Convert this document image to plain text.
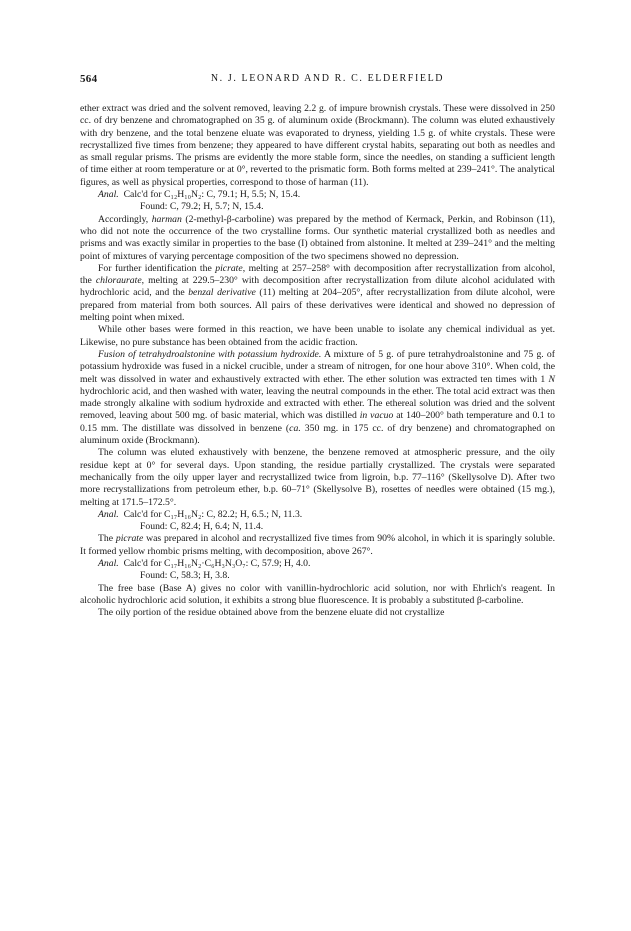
564	N. J. LEONARD AND R. C. ELDERFIELD

ether extract was dried and the solvent removed, leaving 2.2 g. of impure brownish crystals. These were dissolved in 250 cc. of dry benzene and chromatographed on 35 g. of aluminum oxide (Brockmann). The column was eluted exhaustively with dry benzene, and the total benzene eluate was evaporated to dryness, yielding 1.5 g. of white crystals. These were recrystallized five times from benzene; they appeared to have different crystal habits, separating out both as needles and as small regular prisms. The prisms are evidently the more stable form, since the needles, on standing a sufficient length of time either at room temperature or at 0°, reverted to the prismatic form. Both forms melted at 239–241°. The analytical figures, as well as physical properties, correspond to those of harman (11).

Anal. Calc'd for C₁₂H₁₀N₂: C, 79.1; H, 5.5; N, 15.4.

Found: C, 79.2; H, 5.7; N, 15.4.

Accordingly, harman (2-methyl-β-carboline) was prepared by the method of Kermack, Perkin, and Robinson (11), who did not note the occurrence of the two crystalline forms. Our synthetic material crystallized both as needles and prisms and was exactly similar in properties to the base (I) obtained from alstonine. It melted at 239–241° and the melting point of mixtures of varying percentage composition of the two specimens showed no depression.

For further identification the picrate, melting at 257–258° with decomposition after recrystallization from alcohol, the chloraurate, melting at 229.5–230° with decomposition after recrystallization from dilute alcohol acidulated with hydrochloric acid, and the benzal derivative (11) melting at 204–205°, after recrystallization from dilute alcohol, were prepared from material from both sources. All pairs of these derivatives were identical and showed no depression of melting point when mixed.

While other bases were formed in this reaction, we have been unable to isolate any chemical individual as yet. Likewise, no pure substance has been obtained from the acidic fraction.

Fusion of tetrahydroalstonine with potassium hydroxide. A mixture of 5 g. of pure tetrahydroalstonine and 75 g. of potassium hydroxide was fused in a nickel crucible, under a stream of nitrogen, for one hour above 310°. When cold, the melt was dissolved in water and exhaustively extracted with ether. The ether solution was extracted ten times with 1 N hydrochloric acid, and then washed with water, leaving the neutral compounds in the ether. The total acid extract was then made strongly alkaline with sodium hydroxide and extracted with ether. The ethereal solution was dried and the solvent removed, leaving about 500 mg. of basic material, which was distilled in vacuo at 140–200° bath temperature and 0.1 to 0.15 mm. The distillate was dissolved in benzene (ca. 350 mg. in 175 cc. of dry benzene) and chromatographed on aluminum oxide (Brockmann).

The column was eluted exhaustively with benzene, the benzene removed at atmospheric pressure, and the oily residue kept at 0° for several days. Upon standing, the residue partially crystallized. The crystals were separated mechanically from the oily upper layer and recrystallized twice from ligroin, b.p. 77–116° (Skellysolve D). After two more recrystallizations from petroleum ether, b.p. 60–71° (Skellysolve B), rosettes of needles were obtained (15 mg.), melting at 171.5–172.5°.

Anal. Calc'd for C₁₇H₁₆N₂: C, 82.2; H, 6.5.; N, 11.3.

Found: C, 82.4; H, 6.4; N, 11.4.

The picrate was prepared in alcohol and recrystallized five times from 90% alcohol, in which it is sparingly soluble. It formed yellow rhombic prisms melting, with decomposition, above 267°.

Anal. Calc'd for C₁₇H₁₆N₂·C₆H₃N₃O₇: C, 57.9; H, 4.0.

Found: C, 58.3; H, 3.8.

The free base (Base A) gives no color with vanillin-hydrochloric acid solution, nor with Ehrlich's reagent. In alcoholic hydrochloric acid solution, it exhibits a strong blue fluorescence. It is probably a substituted β-carboline.

The oily portion of the residue obtained above from the benzene eluate did not crystallize
